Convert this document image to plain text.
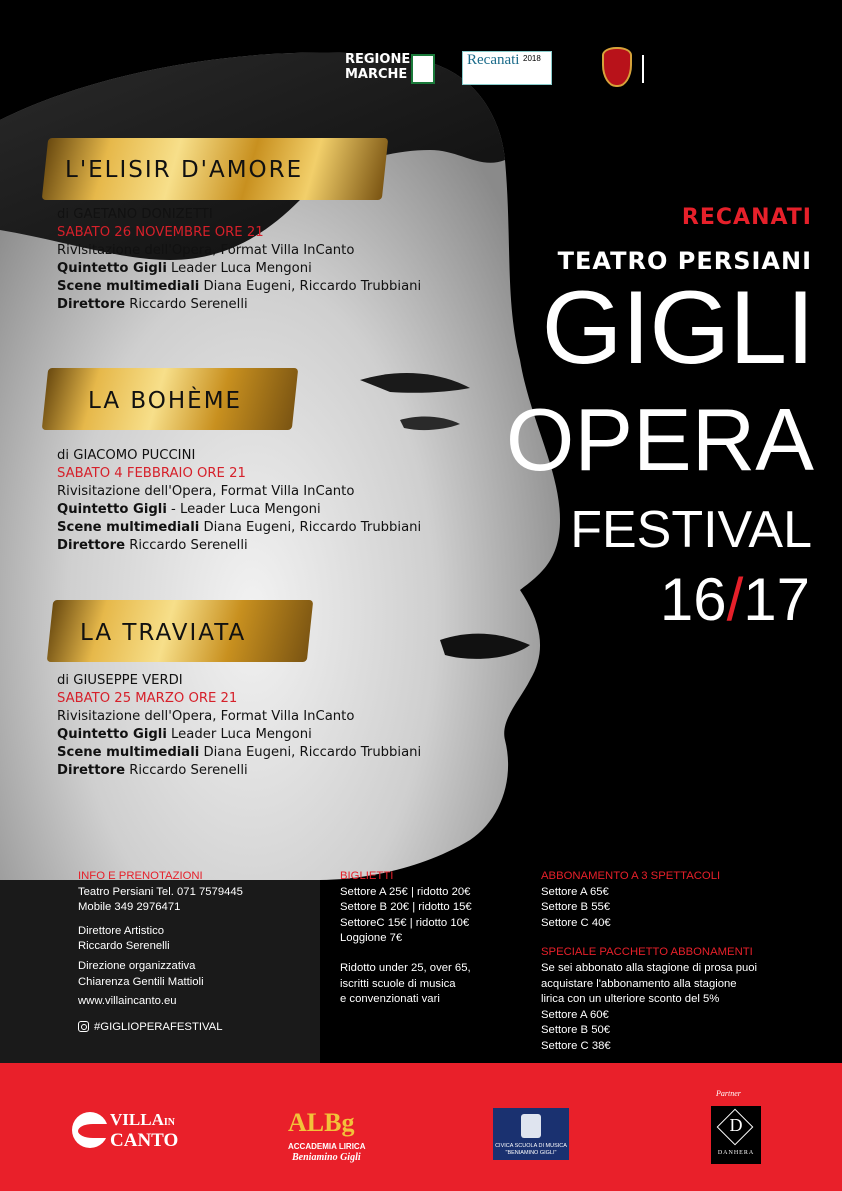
REGIONE
MARCHE
Recanati 2018
L'ELISIR D'AMORE
di GAETANO DONIZETTI
SABATO 26 NOVEMBRE ORE 21
Rivisitazione dell'Opera, Format Villa InCanto
Quintetto Gigli Leader Luca Mengoni
Scene multimediali Diana Eugeni, Riccardo Trubbiani
Direttore Riccardo Serenelli
LA BOHÈME
di GIACOMO PUCCINI
SABATO 4 FEBBRAIO ORE 21
Rivisitazione dell'Opera, Format Villa InCanto
Quintetto Gigli - Leader Luca Mengoni
Scene multimediali Diana Eugeni, Riccardo Trubbiani
Direttore Riccardo Serenelli
LA TRAVIATA
di GIUSEPPE VERDI
SABATO 25 MARZO ORE 21
Rivisitazione dell'Opera, Format Villa InCanto
Quintetto Gigli Leader Luca Mengoni
Scene multimediali Diana Eugeni, Riccardo Trubbiani
Direttore Riccardo Serenelli
RECANATI
TEATRO PERSIANI
GIGLI
OPERA
FESTIVAL
16/17
INFO E PRENOTAZIONI
Teatro Persiani Tel. 071 7579445
Mobile 349 2976471
Direttore Artistico
Riccardo Serenelli
Direzione organizzativa
Chiarenza Gentili Mattioli
www.villaincanto.eu
#GIGLIOPERAFESTIVAL
BIGLIETTI
Settore A 25€ | ridotto 20€
Settore B 20€ | ridotto 15€
SettoreC 15€ | ridotto 10€
Loggione 7€
Ridotto under 25, over 65,
iscritti scuole di musica
e convenzionati vari
ABBONAMENTO A 3 SPETTACOLI
Settore A 65€
Settore B 55€
Settore C 40€
SPECIALE PACCHETTO ABBONAMENTI
Se sei abbonato alla stagione di prosa puoi
acquistare l'abbonamento alla stagione
lirica con un ulteriore sconto del 5%
Settore A 60€
Settore B 50€
Settore C 38€
VILLAIN
CANTO
ALBg
ACCADEMIA LIRICA
Beniamino Gigli
CIVICA SCUOLA DI MUSICA "BENIAMINO GIGLI"
Partner
D
DANHERA
